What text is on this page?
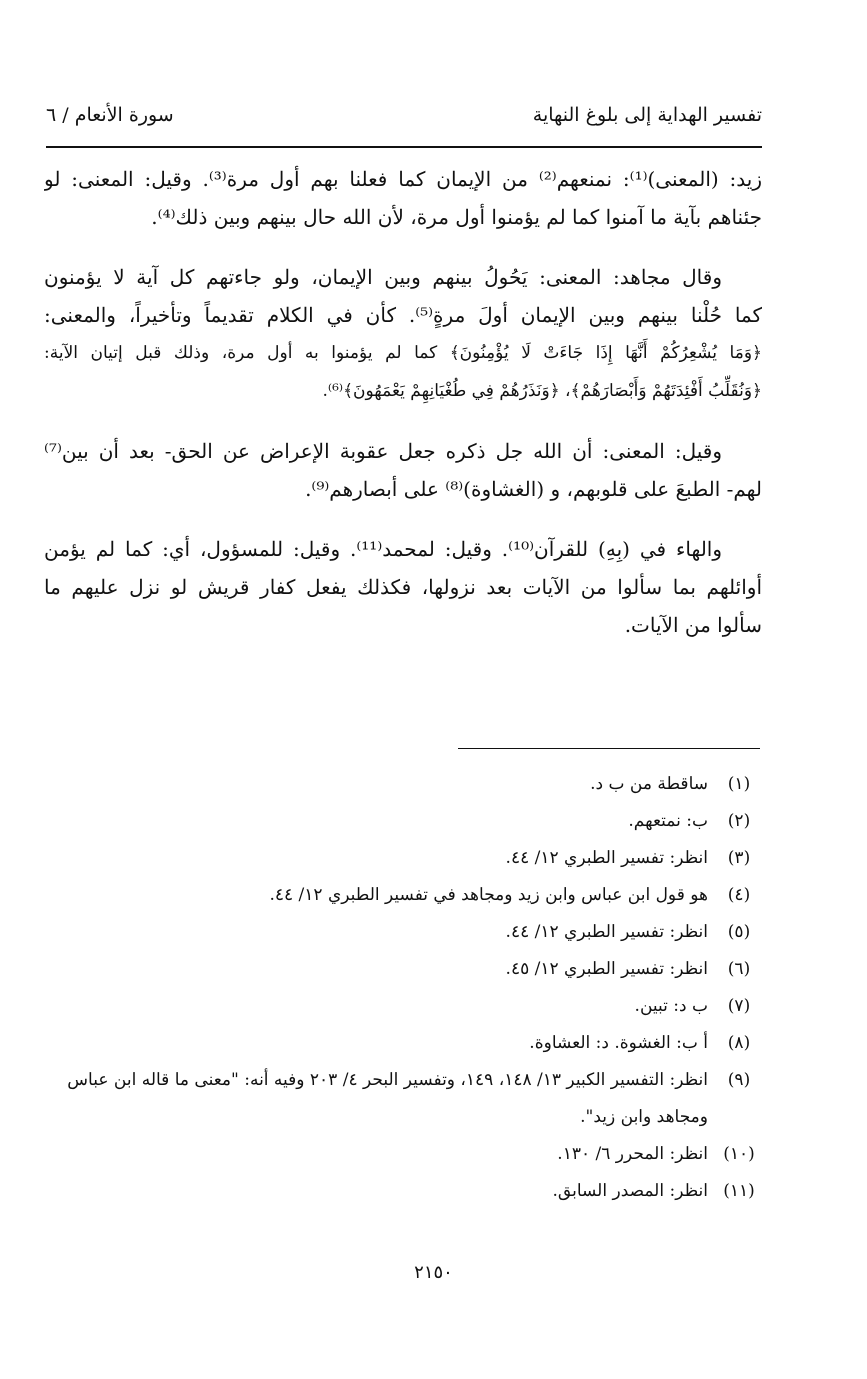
تفسير الهداية إلى بلوغ النهاية
سورة الأنعام / ٦
زيد: (المعنى)⁽¹⁾: نمنعهم⁽²⁾ من الإيمان كما فعلنا بهم أول مرة⁽³⁾. وقيل: المعنى: لو
جئناهم بآية ما آمنوا كما لم يؤمنوا أول مرة، لأن الله حال بينهم وبين ذلك⁽⁴⁾.
وقال مجاهد: المعنى: يَحُولُ بينهم وبين الإيمان، ولو جاءتهم كل آية لا يؤمنون
كما حُلْنا بينهم وبين الإيمان أولَ مرةٍ⁽⁵⁾. كأن في الكلام تقديماً وتأخيراً، والمعنى:
﴿وَمَا يُشْعِرُكُمْ أَنَّهَا إِذَا جَاءَتْ لَا يُؤْمِنُونَ﴾ كما لم يؤمنوا به أول مرة، وذلك قبل إتيان الآية:
﴿وَنُقَلِّبُ أَفْئِدَتَهُمْ وَأَبْصَارَهُمْ﴾، ﴿وَنَذَرُهُمْ فِي طُغْيَانِهِمْ يَعْمَهُونَ﴾⁽⁶⁾.
وقيل: المعنى: أن الله جل ذكره جعل عقوبة الإعراض عن الحق- بعد أن بين⁽⁷⁾
لهم- الطبعَ على قلوبهم، و (الغشاوة)⁽⁸⁾ على أبصارهم⁽⁹⁾.
والهاء في (بِهِ) للقرآن⁽¹⁰⁾. وقيل: لمحمد⁽¹¹⁾. وقيل: للمسؤول، أي: كما لم يؤمن
أوائلهم بما سألوا من الآيات بعد نزولها، فكذلك يفعل كفار قريش لو نزل عليهم ما
سألوا من الآيات.
(١)
ساقطة من ب د.
(٢)
ب: نمتعهم.
(٣)
انظر: تفسير الطبري ١٢/ ٤٤.
(٤)
هو قول ابن عباس وابن زيد ومجاهد في تفسير الطبري ١٢/ ٤٤.
(٥)
انظر: تفسير الطبري ١٢/ ٤٤.
(٦)
انظر: تفسير الطبري ١٢/ ٤٥.
(٧)
ب د: تبين.
(٨)
أ ب: الغشوة. د: العشاوة.
(٩)
انظر: التفسير الكبير ١٣/ ١٤٨، ١٤٩، وتفسير البحر ٤/ ٢٠٣ وفيه أنه: "معنى ما قاله ابن عباس ومجاهد وابن زيد".
(١٠)
انظر: المحرر ٦/ ١٣٠.
(١١)
انظر: المصدر السابق.
٢١٥٠
